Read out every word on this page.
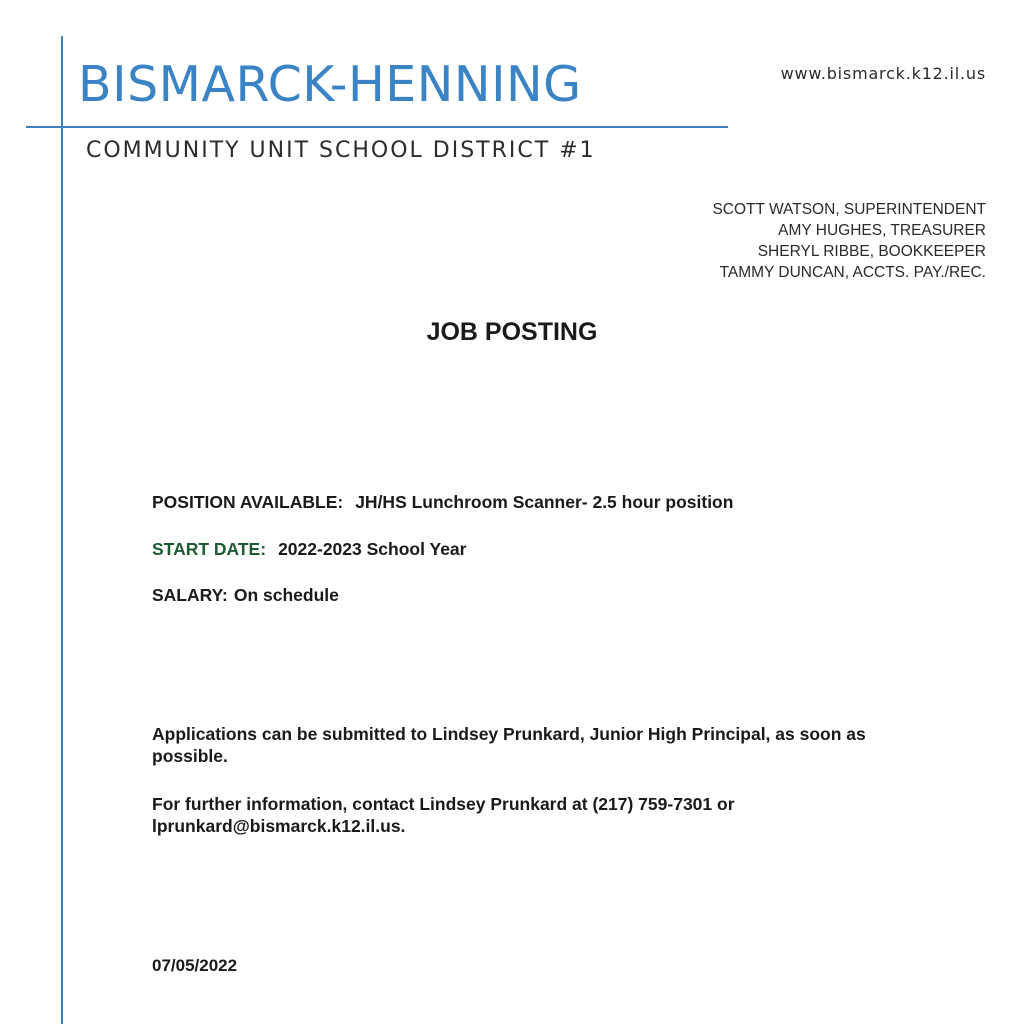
BISMARCK-HENNING
COMMUNITY UNIT SCHOOL DISTRICT #1
www.bismarck.k12.il.us
SCOTT WATSON, SUPERINTENDENT
AMY HUGHES, TREASURER
SHERYL RIBBE, BOOKKEEPER
TAMMY DUNCAN, ACCTS. PAY./REC.
JOB POSTING

POSITION AVAILABLE: JH/HS Lunchroom Scanner- 2.5 hour position

START DATE: 2022-2023 School Year

SALARY: On schedule

Applications can be submitted to Lindsey Prunkard, Junior High Principal, as soon as possible.

For further information, contact Lindsey Prunkard at (217) 759-7301 or lprunkard@bismarck.k12.il.us.

07/05/2022
